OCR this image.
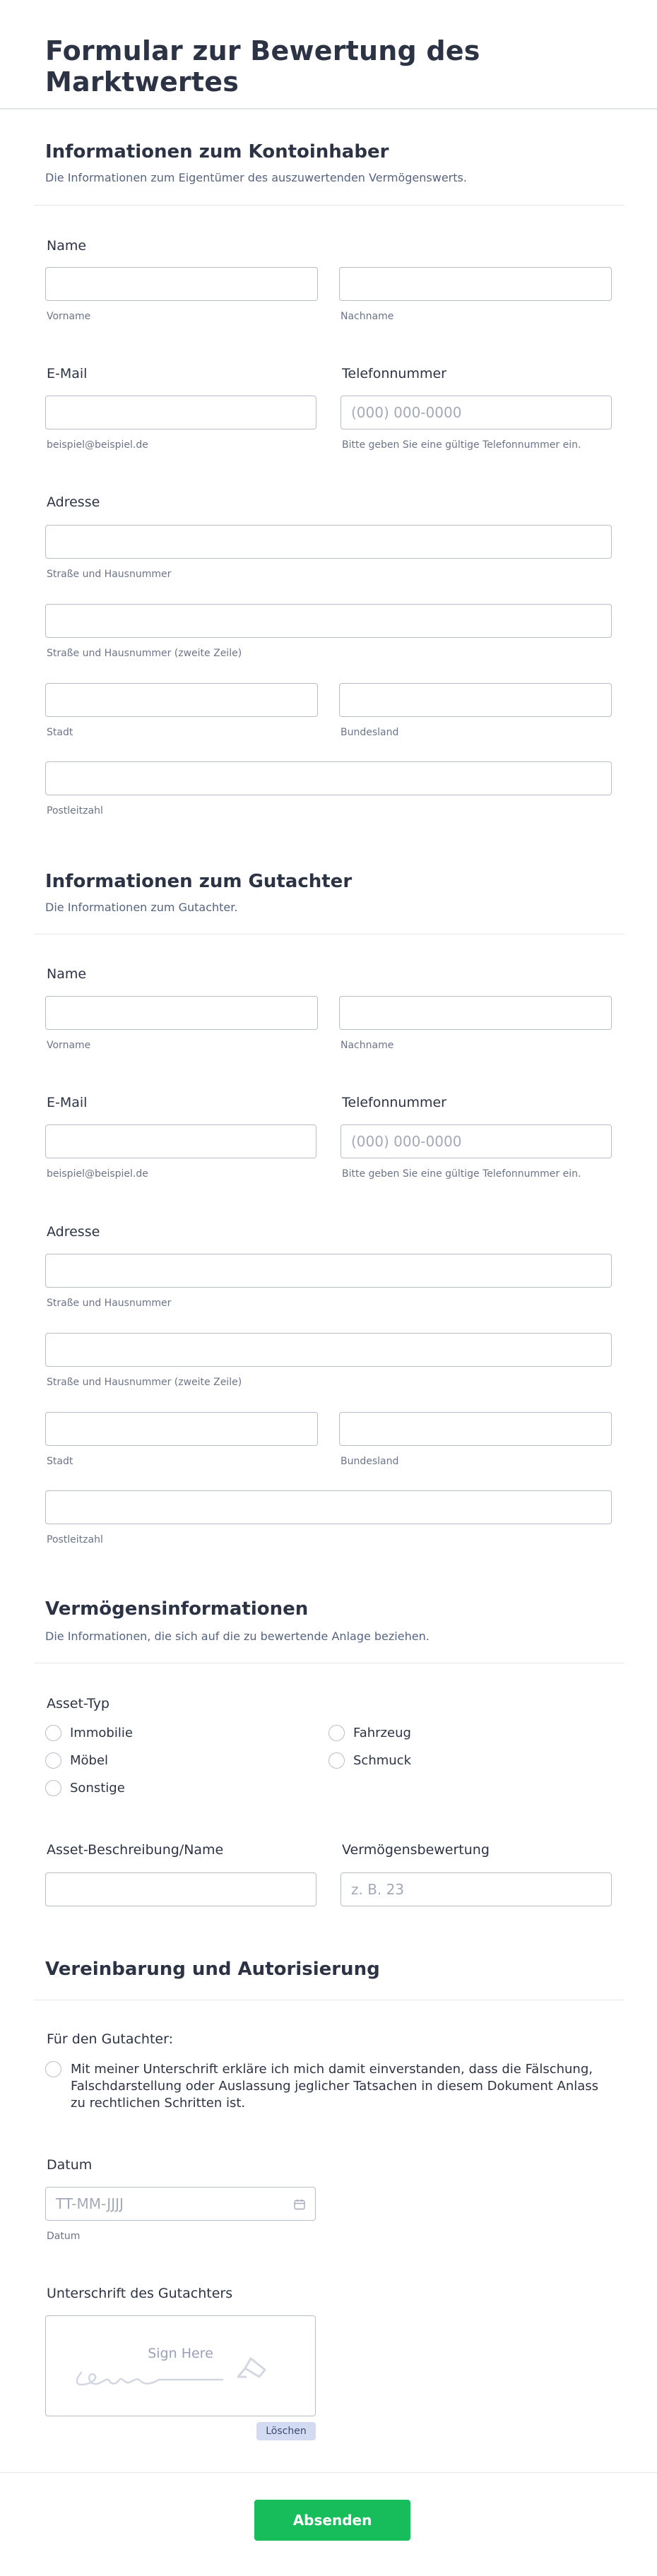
Formular zur Bewertung des Marktwertes
Informationen zum Kontoinhaber
Die Informationen zum Eigentümer des auszuwertenden Vermögenswerts.
Name
Vorname	Nachname
E-Mail	Telefonnummer
(000) 000-0000
beispiel@beispiel.de	Bitte geben Sie eine gültige Telefonnummer ein.
Adresse
Straße und Hausnummer
Straße und Hausnummer (zweite Zeile)
Stadt	Bundesland
Postleitzahl
Informationen zum Gutachter
Die Informationen zum Gutachter.
Name
Vorname	Nachname
E-Mail	Telefonnummer
(000) 000-0000
beispiel@beispiel.de	Bitte geben Sie eine gültige Telefonnummer ein.
Adresse
Straße und Hausnummer
Straße und Hausnummer (zweite Zeile)
Stadt	Bundesland
Postleitzahl
Vermögensinformationen
Die Informationen, die sich auf die zu bewertende Anlage beziehen.
Asset-Typ
Immobilie	Fahrzeug
Möbel	Schmuck
Sonstige
Asset-Beschreibung/Name	Vermögensbewertung
z. B. 23
Vereinbarung und Autorisierung
Für den Gutachter:
Mit meiner Unterschrift erkläre ich mich damit einverstanden, dass die Fälschung, Falschdarstellung oder Auslassung jeglicher Tatsachen in diesem Dokument Anlass zu rechtlichen Schritten ist.
Datum
TT-MM-JJJJ
Datum
Unterschrift des Gutachters
Sign Here
Löschen
Absenden
